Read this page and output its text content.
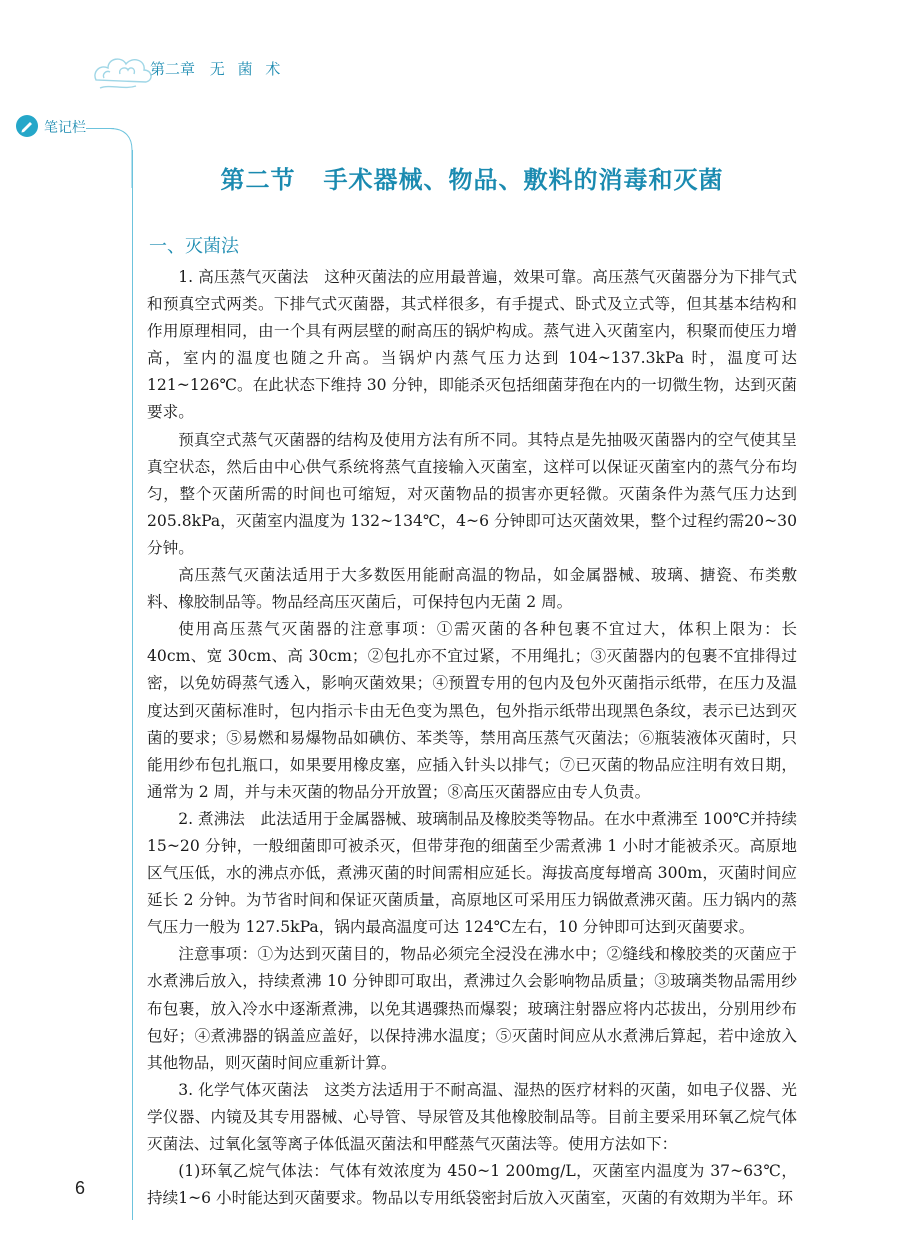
第二章 无 菌 术
笔记栏
第二节 手术器械、物品、敷料的消毒和灭菌
一、灭菌法

1. 高压蒸气灭菌法　这种灭菌法的应用最普遍，效果可靠。高压蒸气灭菌器分为下排气式和预真空式两类。下排气式灭菌器，其式样很多，有手提式、卧式及立式等，但其基本结构和作用原理相同，由一个具有两层壁的耐高压的锅炉构成。蒸气进入灭菌室内，积聚而使压力增高，室内的温度也随之升高。当锅炉内蒸气压力达到 104~137.3kPa 时，温度可达121~126℃。在此状态下维持 30 分钟，即能杀灭包括细菌芽孢在内的一切微生物，达到灭菌要求。

预真空式蒸气灭菌器的结构及使用方法有所不同。其特点是先抽吸灭菌器内的空气使其呈真空状态，然后由中心供气系统将蒸气直接输入灭菌室，这样可以保证灭菌室内的蒸气分布均匀，整个灭菌所需的时间也可缩短，对灭菌物品的损害亦更轻微。灭菌条件为蒸气压力达到 205.8kPa，灭菌室内温度为 132~134℃，4~6 分钟即可达灭菌效果，整个过程约需20~30 分钟。

高压蒸气灭菌法适用于大多数医用能耐高温的物品，如金属器械、玻璃、搪瓷、布类敷料、橡胶制品等。物品经高压灭菌后，可保持包内无菌 2 周。

使用高压蒸气灭菌器的注意事项：①需灭菌的各种包裹不宜过大，体积上限为：长40cm、宽 30cm、高 30cm；②包扎亦不宜过紧，不用绳扎；③灭菌器内的包裹不宜排得过密，以免妨碍蒸气透入，影响灭菌效果；④预置专用的包内及包外灭菌指示纸带，在压力及温度达到灭菌标准时，包内指示卡由无色变为黑色，包外指示纸带出现黑色条纹，表示已达到灭菌的要求；⑤易燃和易爆物品如碘仿、苯类等，禁用高压蒸气灭菌法；⑥瓶装液体灭菌时，只能用纱布包扎瓶口，如果要用橡皮塞，应插入针头以排气；⑦已灭菌的物品应注明有效日期，通常为 2 周，并与未灭菌的物品分开放置；⑧高压灭菌器应由专人负责。

2. 煮沸法　此法适用于金属器械、玻璃制品及橡胶类等物品。在水中煮沸至 100℃并持续 15~20 分钟，一般细菌即可被杀灭，但带芽孢的细菌至少需煮沸 1 小时才能被杀灭。高原地区气压低，水的沸点亦低，煮沸灭菌的时间需相应延长。海拔高度每增高 300m，灭菌时间应延长 2 分钟。为节省时间和保证灭菌质量，高原地区可采用压力锅做煮沸灭菌。压力锅内的蒸气压力一般为 127.5kPa，锅内最高温度可达 124℃左右，10 分钟即可达到灭菌要求。

注意事项：①为达到灭菌目的，物品必须完全浸没在沸水中；②缝线和橡胶类的灭菌应于水煮沸后放入，持续煮沸 10 分钟即可取出，煮沸过久会影响物品质量；③玻璃类物品需用纱布包裹，放入冷水中逐渐煮沸，以免其遇骤热而爆裂；玻璃注射器应将内芯拔出，分别用纱布包好；④煮沸器的锅盖应盖好，以保持沸水温度；⑤灭菌时间应从水煮沸后算起，若中途放入其他物品，则灭菌时间应重新计算。

3. 化学气体灭菌法　这类方法适用于不耐高温、湿热的医疗材料的灭菌，如电子仪器、光学仪器、内镜及其专用器械、心导管、导尿管及其他橡胶制品等。目前主要采用环氧乙烷气体灭菌法、过氧化氢等离子体低温灭菌法和甲醛蒸气灭菌法等。使用方法如下：

(1)环氧乙烷气体法：气体有效浓度为 450~1 200mg/L，灭菌室内温度为 37~63℃，持续1~6 小时能达到灭菌要求。物品以专用纸袋密封后放入灭菌室，灭菌的有效期为半年。环

6
